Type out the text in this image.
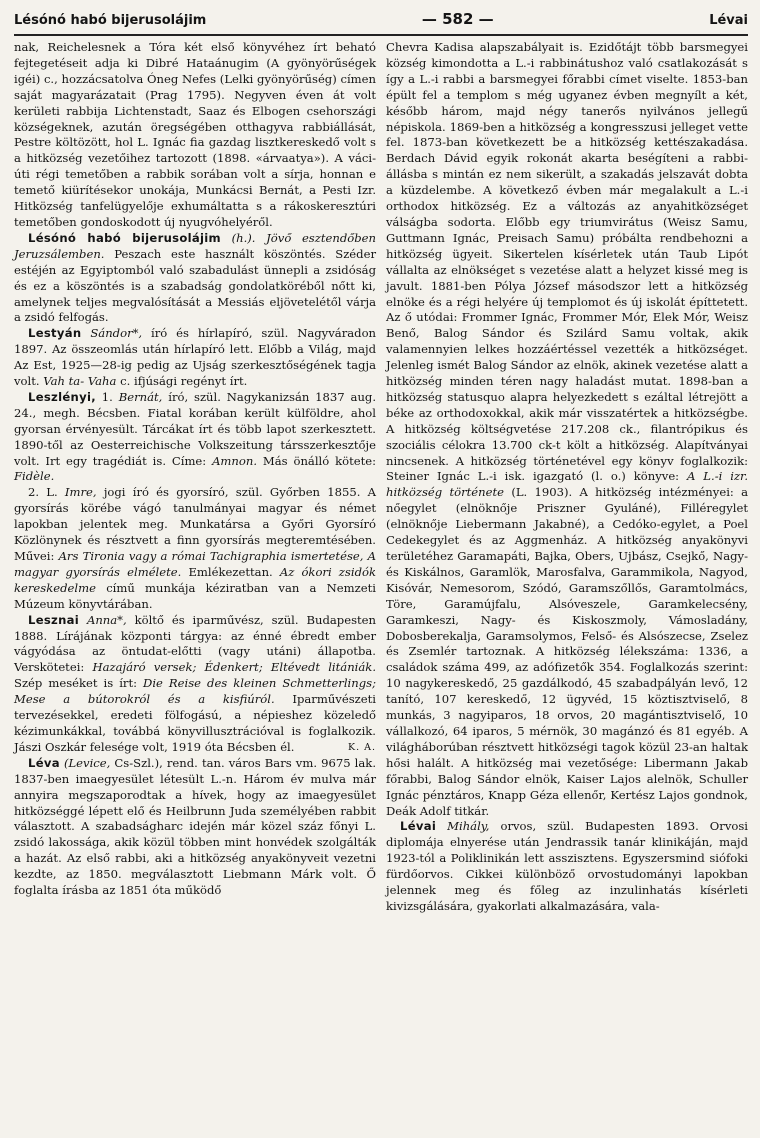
Lésónó habó bijerusolájim	— 582 —	Lévai

nak, Reichelesnek a Tóra két első könyvéhez írt beható fejtegetéseit adja ki Dibré Hataánugim (A gyönyörűségek igéi) c., hozzácsatolva Óneg Nefes (Lelki gyönyörűség) címen saját magyarázatait (Prag 1795). Negyven éven át volt kerületi rabbija Lichtenstadt, Saaz és Elbogen csehországi községeknek, azután öregségében otthagyva rabbiállását, Pestre költözött, hol L. Ignác fia gazdag lisztkereskedő volt s a hitközség vezetőihez tartozott (1898. «árvaatya»). A váci-úti régi temetőben a rabbik sorában volt a sírja, honnan e temető kiürítésekor unokája, Munkácsi Bernát, a Pesti Izr. Hitközség tanfelügyelője exhumáltatta s a rákoskeresztúri temetőben gondoskodott új nyugvóhelyéről.

Lésónó habó bijerusolájim (h.). Jövő esztendőben Jeruzsálemben. Peszach este használt köszöntés. Széder estéjén az Egyiptomból való szabadulást ünnepli a zsidóság és ez a köszöntés is a szabadság gondolatköréből nőtt ki, amelynek teljes megvalósítását a Messiás eljövetelétől várja a zsidó felfogás.

Lestyán Sándor*, író és hírlapíró, szül. Nagyváradon 1897. Az összeomlás után hírlapíró lett. Előbb a Világ, majd Az Est, 1925—28-ig pedig az Ujság szerkesztőségének tagja volt. Vah ta- Vaha c. ifjúsági regényt írt.

Leszlényi, 1. Bernát, író, szül. Nagykanizsán 1837 aug. 24., megh. Bécsben. Fiatal korában került külföldre, ahol gyorsan érvényesült. Tárcákat írt és több lapot szerkesztett. 1890-től az Oesterreichische Volkszeitung társszerkesztője volt. Irt egy tragédiát is. Címe: Amnon. Más önálló kötete: Fidèle.

2. L. Imre, jogi író és gyorsíró, szül. Győrben 1855. A gyorsírás körébe vágó tanulmányai magyar és német lapokban jelentek meg. Munkatársa a Győri Gyorsíró Közlönynek és résztvett a finn gyorsírás megteremtésében. Művei: Ars Tironia vagy a római Tachigraphia ismertetése, A magyar gyorsírás elmélete. Emlékezettan. Az ókori zsidók kereskedelme című munkája kéziratban van a Nemzeti Múzeum könyvtárában.

Lesznai Anna*, költő és iparművész, szül. Budapesten 1888. Lírájának központi tárgya: az énné ébredt ember vágyódása az öntudat-előtti (vagy utáni) állapotba. Verskötetei: Hazajáró versek; Édenkert; Eltévedt litániák. Szép meséket is írt: Die Reise des kleinen Schmetterlings; Mese a bútorokról és a kisfiúról. Iparművészeti tervezésekkel, eredeti fölfogású, a népieshez közeledő kézimunkákkal, továbbá könyvillusztrációval is foglalkozik. Jászi Oszkár felesége volt, 1919 óta Bécsben él.	K. A.

Léva (Levice, Cs-Szl.), rend. tan. város Bars vm. 9675 lak. 1837-ben imaegyesület létesült L.-n. Három év mulva már annyira megszaporodtak a hívek, hogy az imaegyesület hitközséggé lépett elő és Heilbrunn Juda személyében rabbit választott. A szabadságharc idején már közel száz főnyi L. zsidó lakossága, akik közül többen mint honvédek szolgálták a hazát. Az első rabbi, aki a hitközség anyakönyveit vezetni kezdte, az 1850. megválasztott Liebmann Márk volt. Ő foglalta írásba az 1851 óta működő

Chevra Kadisa alapszabályait is. Ezidőtájt több barsmegyei község kimondotta a L.-i rabbinátushoz való csatlakozását s így a L.-i rabbi a barsmegyei főrabbi címet viselte. 1853-ban épült fel a templom s még ugyanez évben megnyílt a két, később három, majd négy tanerős nyilvános jellegű népiskola. 1869-ben a hitközség a kongresszusi jelleget vette fel. 1873-ban következett be a hitközség kettészakadása. Berdach Dávid egyik rokonát akarta beségíteni a rabbi-állásba s mintán ez nem sikerült, a szakadás jelszavát dobta a küzdelembe. A következő évben már megalakult a L.-i orthodox hitközség. Ez a változás az anyahitközséget válságba sodorta. Előbb egy triumvirátus (Weisz Samu, Guttmann Ignác, Preisach Samu) próbálta rendbehozni a hitközség ügyeit. Sikertelen kísérletek után Taub Lipót vállalta az elnökséget s vezetése alatt a helyzet kissé meg is javult. 1881-ben Pólya József másodszor lett a hitközség elnöke és a régi helyére új templomot és új iskolát építtetett. Az ő utódai: Frommer Ignác, Frommer Mór, Elek Mór, Weisz Benő, Balog Sándor és Szilárd Samu voltak, akik valamennyien lelkes hozzáértéssel vezették a hitközséget. Jelenleg ismét Balog Sándor az elnök, akinek vezetése alatt a hitközség minden téren nagy haladást mutat. 1898-ban a hitközség statusquo alapra helyezkedett s ezáltal létrejött a béke az orthodoxokkal, akik már visszatértek a hitközségbe. A hitközség költségvetése 217.208 ck., filantrópikus és szociális célokra 13.700 ck-t költ a hitközség. Alapítványai nincsenek. A hitközség történetével egy könyv foglalkozik: Steiner Ignác L.-i isk. igazgató (l. o.) könyve: A L.-i izr. hitközség története (L. 1903). A hitközség intézményei: a nőegylet (elnöknője Priszner Gyuláné), Filléregylet (elnöknője Liebermann Jakabné), a Cedóko-egylet, a Poel Cedekegylet és az Aggmenház. A hitközség anyakönyvi területéhez Garamapáti, Bajka, Obers, Ujbász, Csejkő, Nagy- és Kiskálnos, Garamlök, Marosfalva, Garammikola, Nagyod, Kisóvár, Nemesorom, Szódó, Garamszőllős, Garamtolmács, Töre, Garamújfalu, Alsóveszele, Garamkelecsény, Garamkeszi, Nagy- és Kiskoszmoly, Vámosladány, Dobosberekalja, Garamsolymos, Felső- és Alsószecse, Zselez és Zsemlér tartoznak. A hitközség lélekszáma: 1336, a családok száma 499, az adófizetők 354. Foglalkozás szerint: 10 nagykereskedő, 25 gazdálkodó, 45 szabadpályán levő, 12 tanító, 107 kereskedő, 12 ügyvéd, 15 köztisztviselő, 8 munkás, 3 nagyiparos, 18 orvos, 20 magántisztviselő, 10 vállalkozó, 64 iparos, 5 mérnök, 30 magánzó és 81 egyéb. A világháborúban résztvett hitközségi tagok közül 23-an haltak hősi halált. A hitközség mai vezetősége: Libermann Jakab főrabbi, Balog Sándor elnök, Kaiser Lajos alelnök, Schuller Ignác pénztáros, Knapp Géza ellenőr, Kertész Lajos gondnok, Deák Adolf titkár.

Lévai Mihály, orvos, szül. Budapesten 1893. Orvosi diplomája elnyerése után Jendrassik tanár klinikáján, majd 1923-tól a Poliklinikán lett asszisztens. Egyszersmind siófoki fürdőorvos. Cikkei különböző orvostudományi lapokban jelennek meg és főleg az inzulinhatás kísérleti kivizsgálására, gyakorlati alkalmazására, vala-
